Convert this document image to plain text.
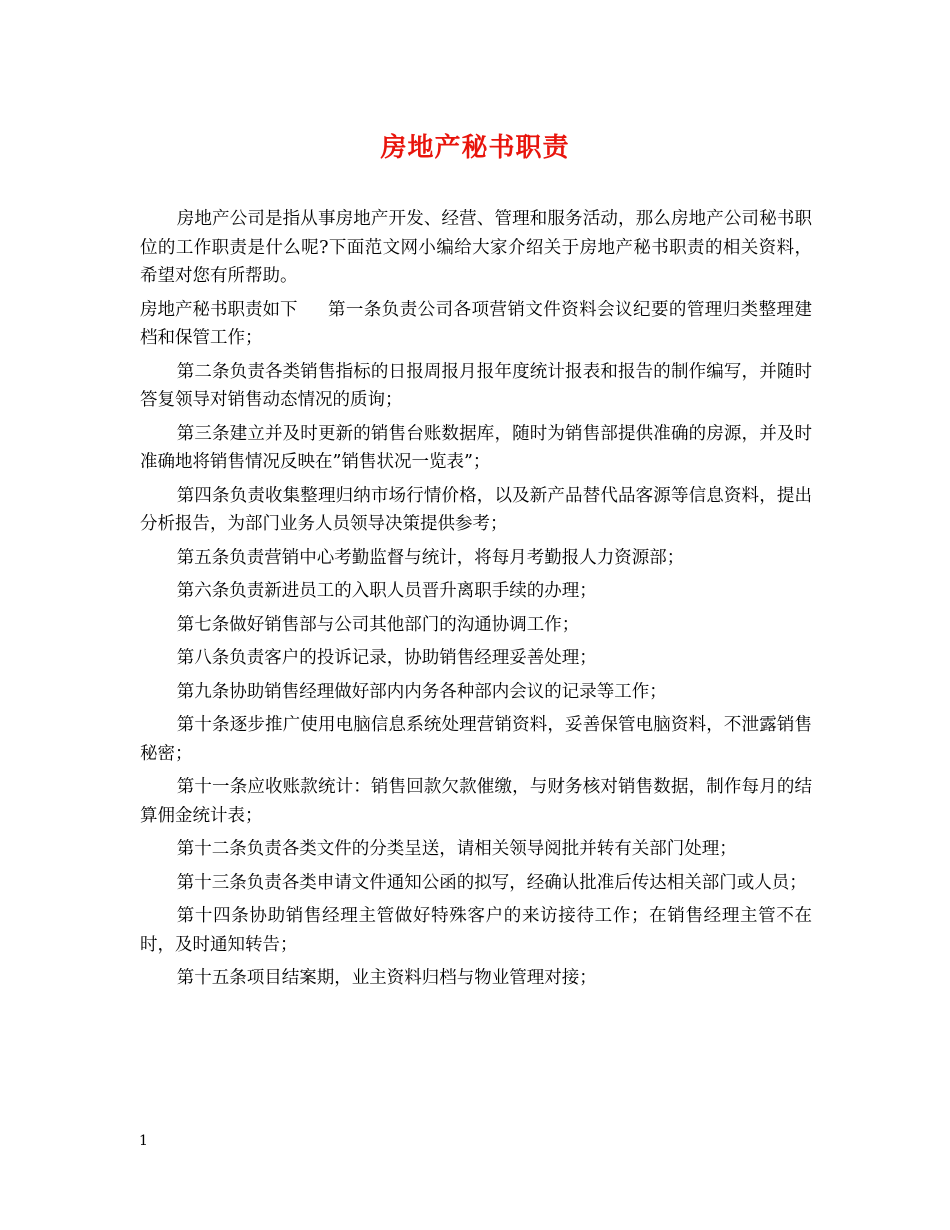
房地产秘书职责

房地产公司是指从事房地产开发、经营、管理和服务活动，那么房地产公司秘书职位的工作职责是什么呢?下面范文网小编给大家介绍关于房地产秘书职责的相关资料，希望对您有所帮助。

房地产秘书职责如下 第一条负责公司各项营销文件资料会议纪要的管理归类整理建档和保管工作；

第二条负责各类销售指标的日报周报月报年度统计报表和报告的制作编写，并随时答复领导对销售动态情况的质询；

第三条建立并及时更新的销售台账数据库，随时为销售部提供准确的房源，并及时准确地将销售情况反映在”销售状况一览表”；

第四条负责收集整理归纳市场行情价格，以及新产品替代品客源等信息资料，提出分析报告，为部门业务人员领导决策提供参考；

第五条负责营销中心考勤监督与统计，将每月考勤报人力资源部；

第六条负责新进员工的入职人员晋升离职手续的办理；

第七条做好销售部与公司其他部门的沟通协调工作；

第八条负责客户的投诉记录，协助销售经理妥善处理；

第九条协助销售经理做好部内内务各种部内会议的记录等工作；

第十条逐步推广使用电脑信息系统处理营销资料，妥善保管电脑资料，不泄露销售秘密；

第十一条应收账款统计：销售回款欠款催缴，与财务核对销售数据，制作每月的结算佣金统计表；

第十二条负责各类文件的分类呈送，请相关领导阅批并转有关部门处理；

第十三条负责各类申请文件通知公函的拟写，经确认批准后传达相关部门或人员；

第十四条协助销售经理主管做好特殊客户的来访接待工作；在销售经理主管不在时，及时通知转告；

第十五条项目结案期，业主资料归档与物业管理对接；

1
